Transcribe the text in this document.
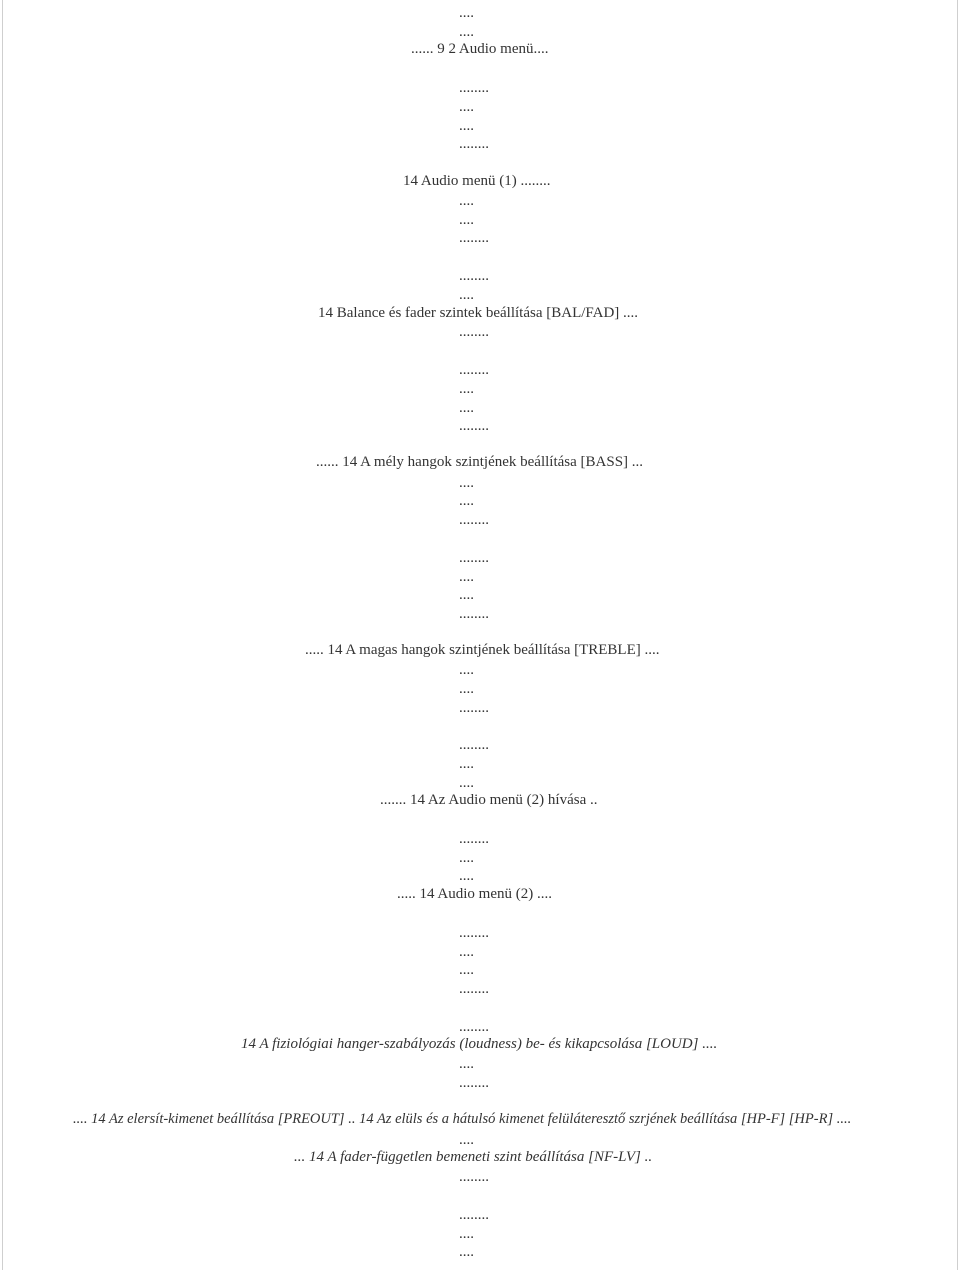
....
....
...... 9 2 Audio menü....
........
....
....
........
14 Audio menü (1) ........
....
....
........
........
....
14 Balance és fader szintek beállítása [BAL/FAD] ....
........
........
....
....
........
...... 14 A mély hangok szintjének beállítása [BASS] ...
....
....
........
........
....
....
........
..... 14 A magas hangok szintjének beállítása [TREBLE] ....
....
....
........
........
....
....
....... 14 Az Audio menü (2) hívása ..
........
....
....
..... 14 Audio menü (2) ....
........
....
....
........
........
14 A fiziológiai hanger-szabályozás (loudness) be- és kikapcsolása [LOUD] ....
....
........
.... 14 Az elersít-kimenet beállítása [PREOUT] .. 14 Az elüls és a hátulsó kimenet felüláteresztő szrjének beállítása [HP-F] [HP-R] ....
....
... 14 A fader-független bemeneti szint beállítása [NF-LV] ..
........
........
....
....
